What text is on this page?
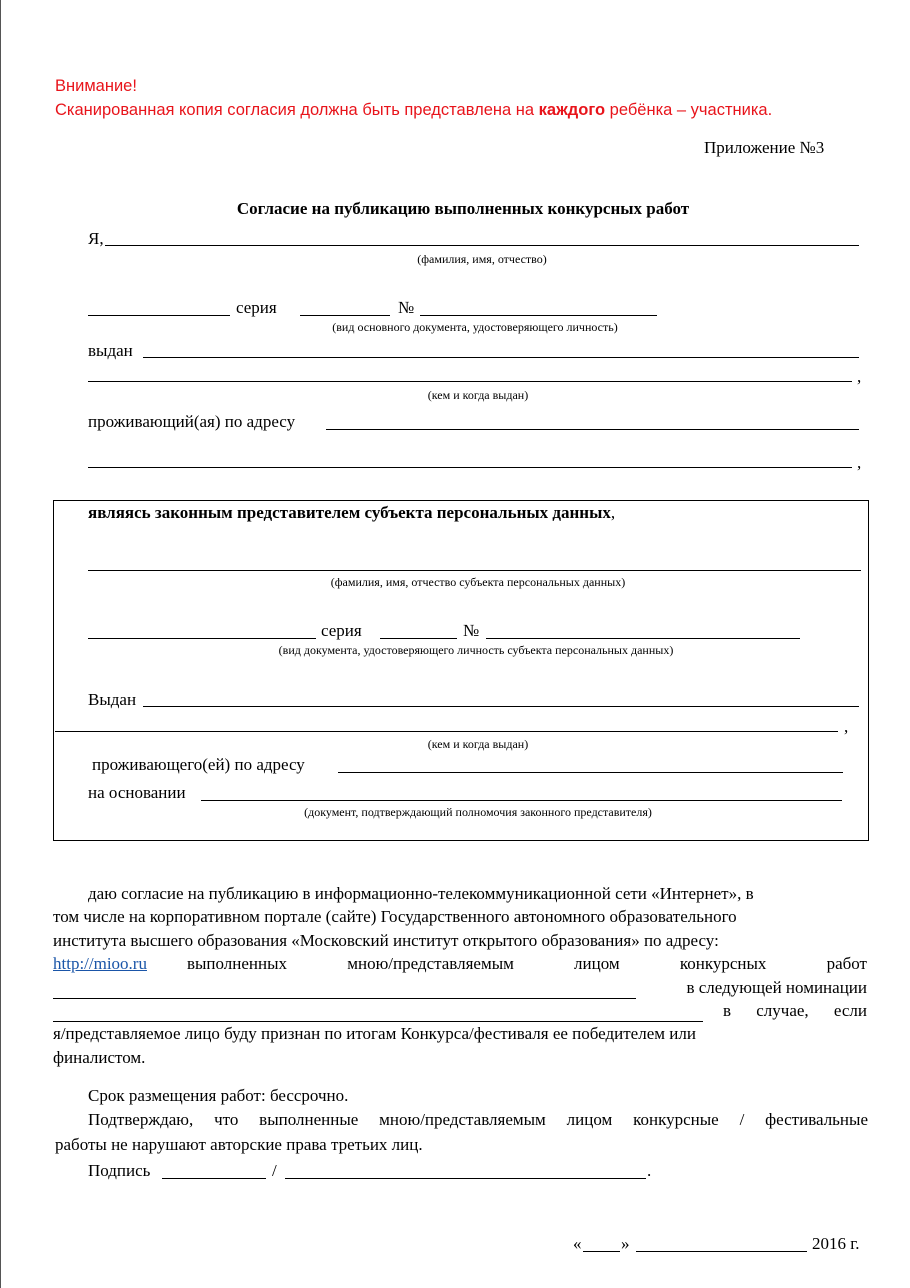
Внимание!
Сканированная копия согласия должна быть представлена на каждого ребёнка – участника.
Приложение №3
Согласие на публикацию выполненных конкурсных работ
Я,
(фамилия, имя, отчество)
серия	№
(вид основного документа, удостоверяющего личность)
выдан
,
(кем и когда выдан)
проживающий(ая) по адресу
,
являясь законным представителем субъекта персональных данных,
(фамилия, имя, отчество субъекта персональных данных)
серия	№
(вид документа, удостоверяющего личность субъекта персональных данных)
Выдан
,
(кем и когда выдан)
проживающего(ей) по адресу
на основании
(документ, подтверждающий полномочия законного представителя)
даю согласие на публикацию в информационно-телекоммуникационной сети «Интернет», в
том числе на корпоративном портале (сайте) Государственного автономного образовательного
института высшего образования «Московский институт открытого образования» по адресу:
http://mioo.ru выполненных	мною/представляемым	лицом	конкурсных	работ
в следующей номинации
в случае, если
я/представляемое лицо буду признан по итогам Конкурса/фестиваля ее победителем или
финалистом.
Срок размещения работ: бессрочно.
Подтверждаю, что выполненные мною/представляемым лицом конкурсные / фестивальные
работы не нарушают авторские права третьих лиц.
Подпись	/	.
« »	2016 г.
